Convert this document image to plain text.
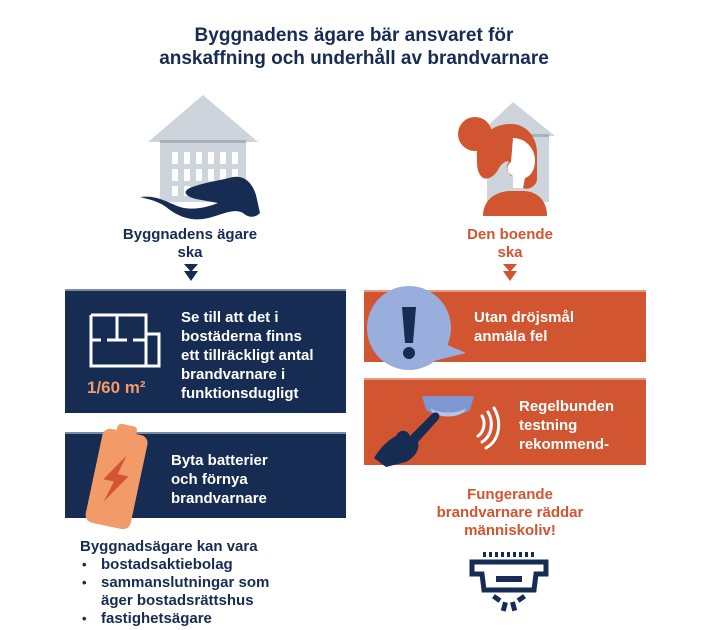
Byggnadens ägare bär ansvaret för
anskaffning och underhåll av brandvarnare
Byggnadens ägare
ska
1/60 m²
Se till att det i
bostäderna finns
ett tillräckligt antal
brandvarnare i
funktionsdugligt
Byta batterier
och förnya
brandvarnare
Byggnadsägare kan vara
• bostadsaktiebolag
• sammanslutningar som
äger bostadsrättshus
• fastighetsägare
Den boende
ska
Utan dröjsmål
anmäla fel
Regelbunden
testning
rekommend-
Fungerande
brandvarnare räddar
människoliv!
